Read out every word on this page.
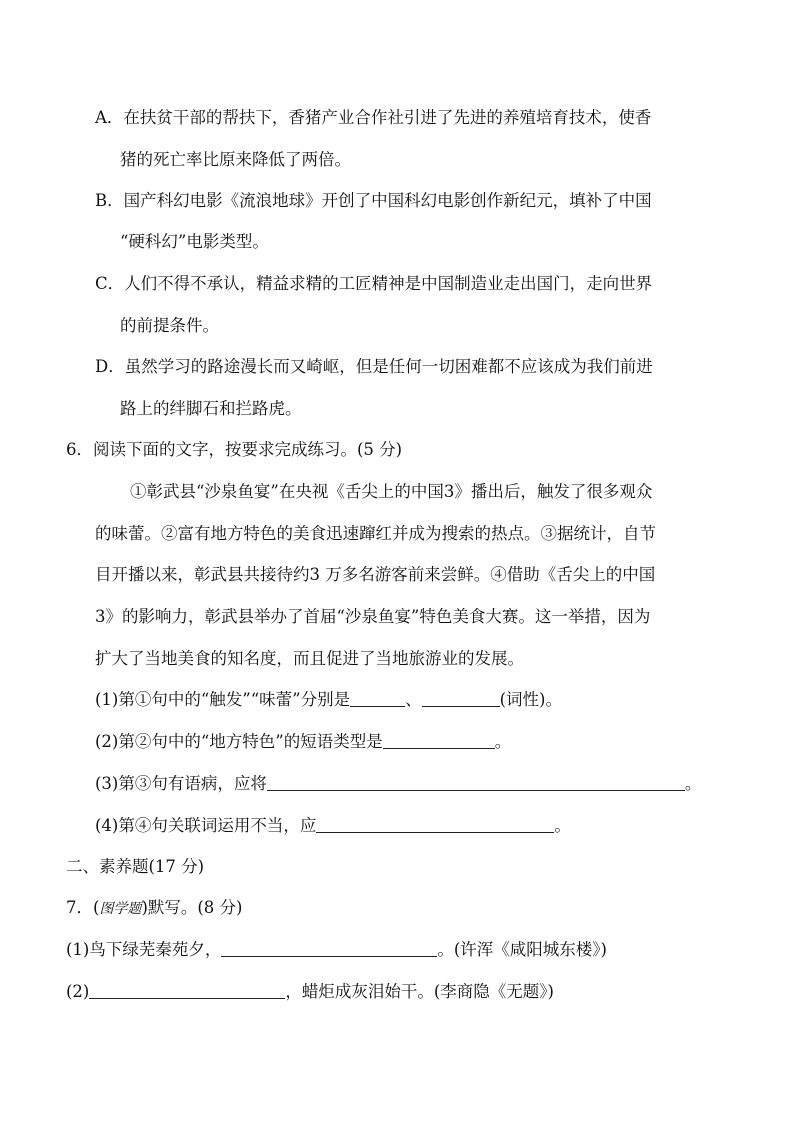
A．在扶贫干部的帮扶下，香猪产业合作社引进了先进的养殖培育技术，使香
猪的死亡率比原来降低了两倍。
B．国产科幻电影《流浪地球》开创了中国科幻电影创作新纪元，填补了中国
“硬科幻”电影类型。
C．人们不得不承认，精益求精的工匠精神是中国制造业走出国门，走向世界
的前提条件。
D．虽然学习的路途漫长而又崎岖，但是任何一切困难都不应该成为我们前进
路上的绊脚石和拦路虎。
6．阅读下面的文字，按要求完成练习。(5 分)
①彰武县“沙泉鱼宴”在央视《舌尖上的中国3》播出后，触发了很多观众
的味蕾。②富有地方特色的美食迅速蹿红并成为搜索的热点。③据统计，自节
目开播以来，彰武县共接待约3 万多名游客前来尝鲜。④借助《舌尖上的中国
3》的影响力，彰武县举办了首届“沙泉鱼宴”特色美食大赛。这一举措，因为
扩大了当地美食的知名度，而且促进了当地旅游业的发展。
(1)第①句中的“触发”“味蕾”分别是	、	(词性)。
(2)第②句中的“地方特色”的短语类型是	。
(3)第③句有语病，应将	。
(4)第④句关联词运用不当，应	。
二、素养题(17 分)
7．(图学题)默写。(8 分)
(1)鸟下绿芜秦苑夕，	。(许浑《咸阳城东楼》)
(2)	，蜡炬成灰泪始干。(李商隐《无题》)
